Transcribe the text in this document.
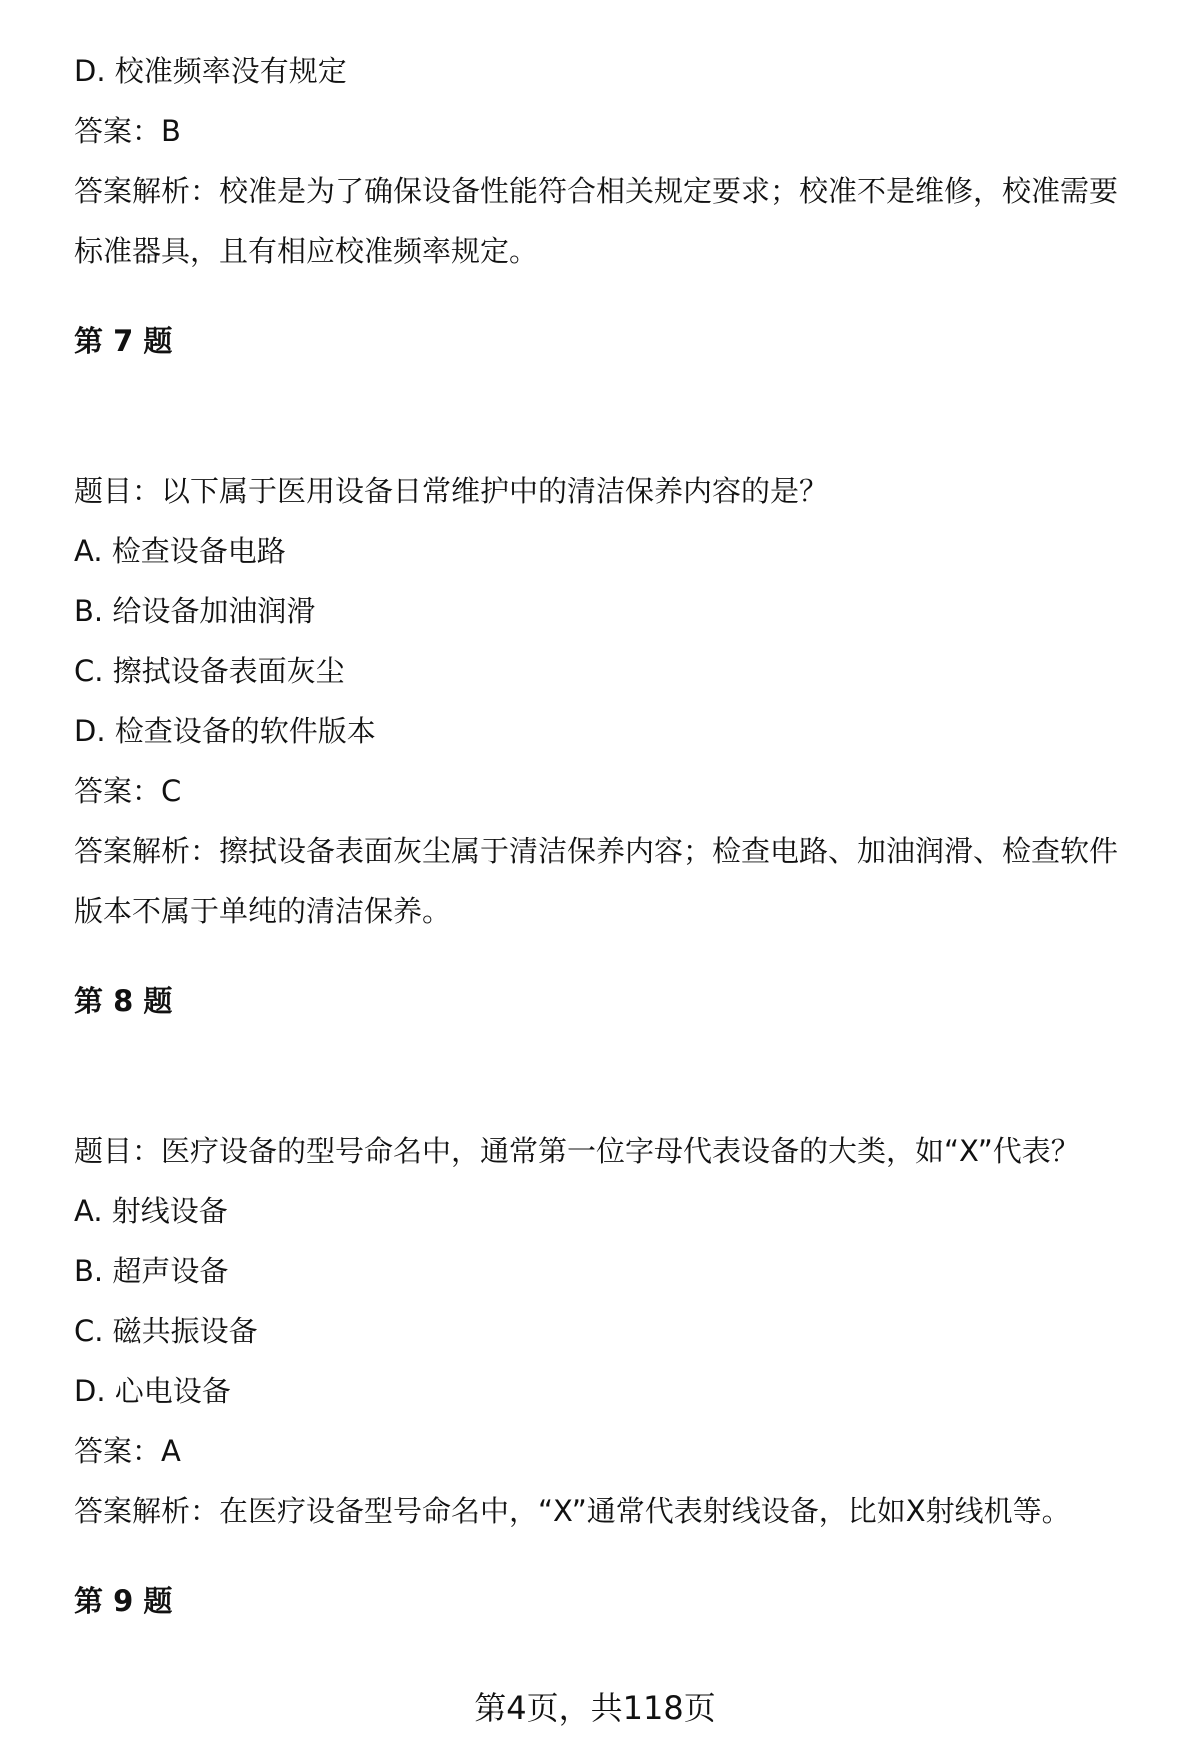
D. 校准频率没有规定
答案：B
答案解析：校准是为了确保设备性能符合相关规定要求；校准不是维修，校准需要
标准器具，且有相应校准频率规定。
第 7 题
题目：以下属于医用设备日常维护中的清洁保养内容的是？
A. 检查设备电路
B. 给设备加油润滑
C. 擦拭设备表面灰尘
D. 检查设备的软件版本
答案：C
答案解析：擦拭设备表面灰尘属于清洁保养内容；检查电路、加油润滑、检查软件
版本不属于单纯的清洁保养。
第 8 题
题目：医疗设备的型号命名中，通常第一位字母代表设备的大类，如“X”代表？
A. 射线设备
B. 超声设备
C. 磁共振设备
D. 心电设备
答案：A
答案解析：在医疗设备型号命名中，“X”通常代表射线设备，比如X射线机等。
第 9 题
第4页，共118页
